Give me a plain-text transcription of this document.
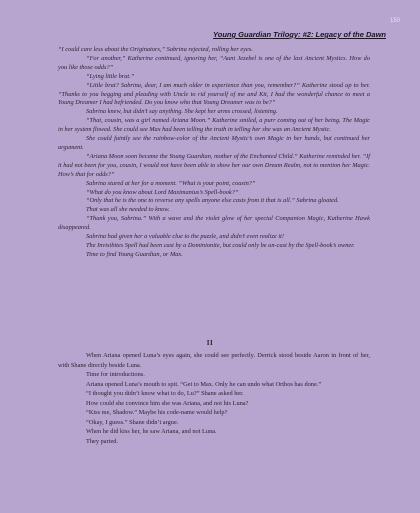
150
Young Guardian Trilogy: #2: Legacy of the Dawn

“I could care less about the Originators,” Sabrina rejected, rolling her eyes.

“For another,” Katherine continued, ignoring her, “Aunt Jezebel is one of the last Ancient Mystics. How do you like those odds?”

“Lying little brat.”

“Little brat? Sabrina, dear, I am much older in experience than you, remember?” Katherine stood up to her. “Thanks to you begging and pleading with Uncle to rid yourself of me and Kit, I had the wonderful chance to meet a Young Dreamer I had befriended. Do you know who that Young Dreamer was to be?”

Sabrina knew, but didn’t say anything. She kept her arms crossed, listening.

“That, cousin, was a girl named Ariana Moon.” Katherine smiled, a purr coming out of her being. The Magic in her system flowed. She could see Max had been telling the truth in telling her she was an Ancient Mystic.

She could faintly see the rainbow-color of the Ancient Mystic’s own Magic in her hands, but continued her argument.

“Ariana Moon soon became the Young Guardian, mother of the Enchanted Child.” Katherine reminded her. “If it had not been for you, cousin, I would not have been able to show her our own Dream Realm, not to mention her Magic. How’s that for odds?”

Sabrina stared at her for a moment. “What is your point, cousin?”

“What do you know about Lord Maximanius’s Spell-book?”

“Only that he is the one to reverse any spells anyone else casts from it that is all.” Sabrina gloated.

That was all she needed to know.

“Thank you, Sabrina.” With a wave and the violet glow of her special Companion Magic, Katherine Hawk disappeared.

Sabrina had given her a valuable clue to the puzzle, and didn’t even realize it!

The Invisibites Spell had been cast by a Dominionite, but could only be un-cast by the Spell-book’s owner.

Time to find Young Guardian, or Max.

II

When Ariana opened Luna’s eyes again, she could see perfectly. Derrick stood beside Aaron in front of her, with Shane directly beside Luna.

Time for introductions.

Ariana opened Luna’s mouth to spit. “Get to Max. Only he can undo what Orthos has done.”

“I thought you didn’t know what to do, Lu?” Shane asked her.

How could she convince him she was Ariana, and not his Luna?

“Kiss me, Shadow.” Maybe his code-name would help?

“Okay, I guess.” Shane didn’t argue.

When he did kiss her, he saw Ariana, and not Luna.

They parted.
